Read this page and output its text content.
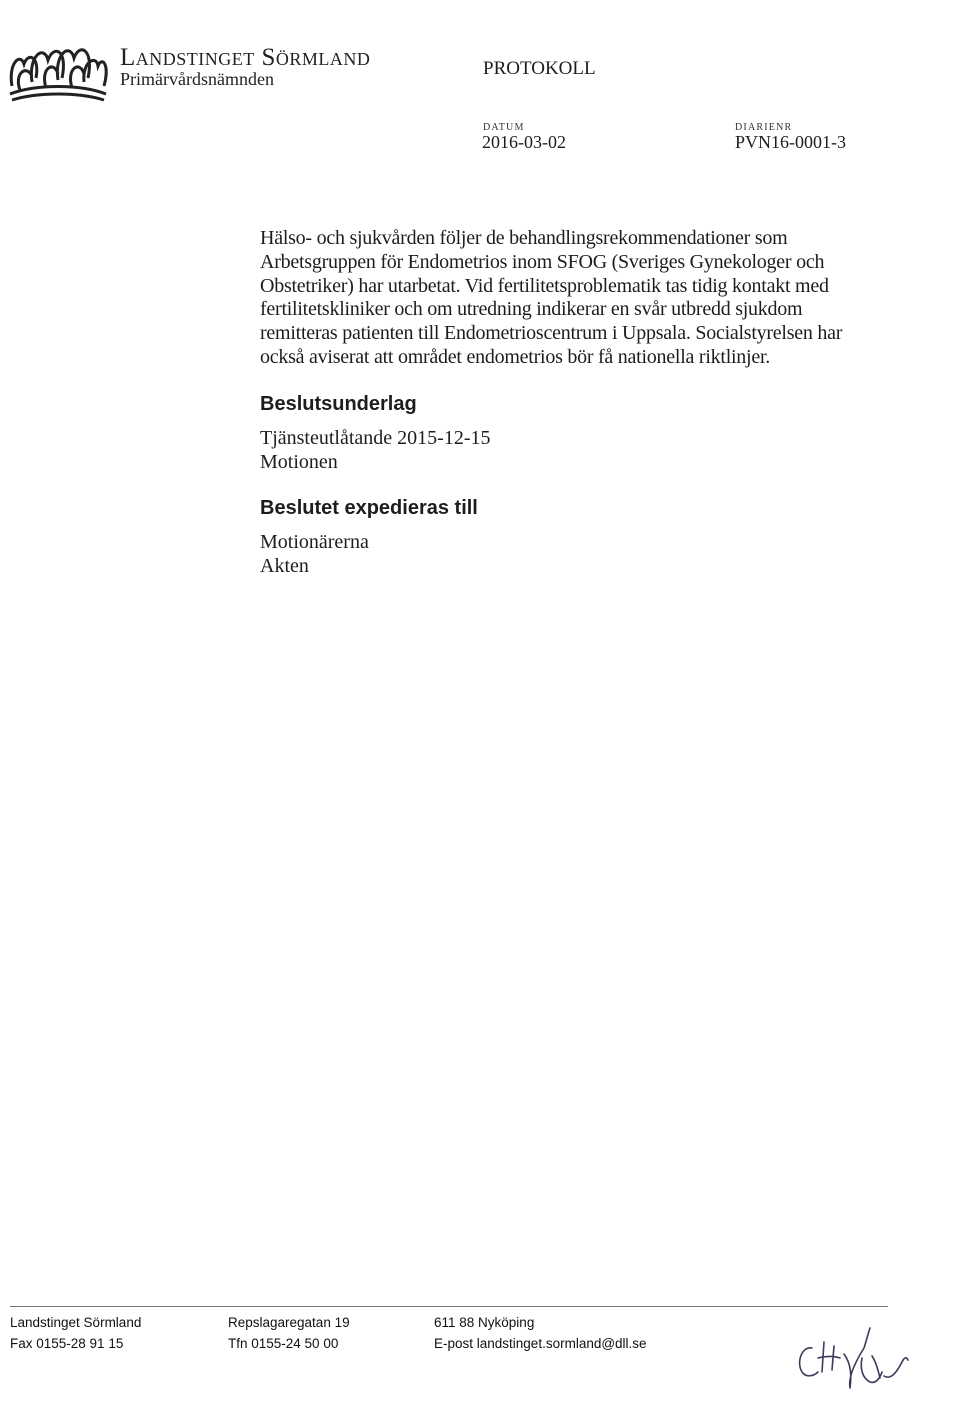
Landstinget Sörmland
Primärvårdsnämnden	PROTOKOLL
DATUM
2016-03-02
DIARIENR
PVN16-0001-3

Hälso- och sjukvården följer de behandlingsrekommendationer som Arbetsgruppen för Endometrios inom SFOG (Sveriges Gynekologer och Obstetriker) har utarbetat. Vid fertilitetsproblematik tas tidig kontakt med fertilitetskliniker och om utredning indikerar en svår utbredd sjukdom remitteras patienten till Endometrioscentrum i Uppsala. Socialstyrelsen har också aviserat att området endometrios bör få nationella riktlinjer.

Beslutsunderlag
Tjänsteutlåtande 2015-12-15
Motionen
Beslutet expedieras till
Motionärerna
Akten
Landstinget Sörmland
Fax 0155-28 91 15
Repslagaregatan 19
Tfn 0155-24 50 00
611 88 Nyköping
E-post landstinget.sormland@dll.se
